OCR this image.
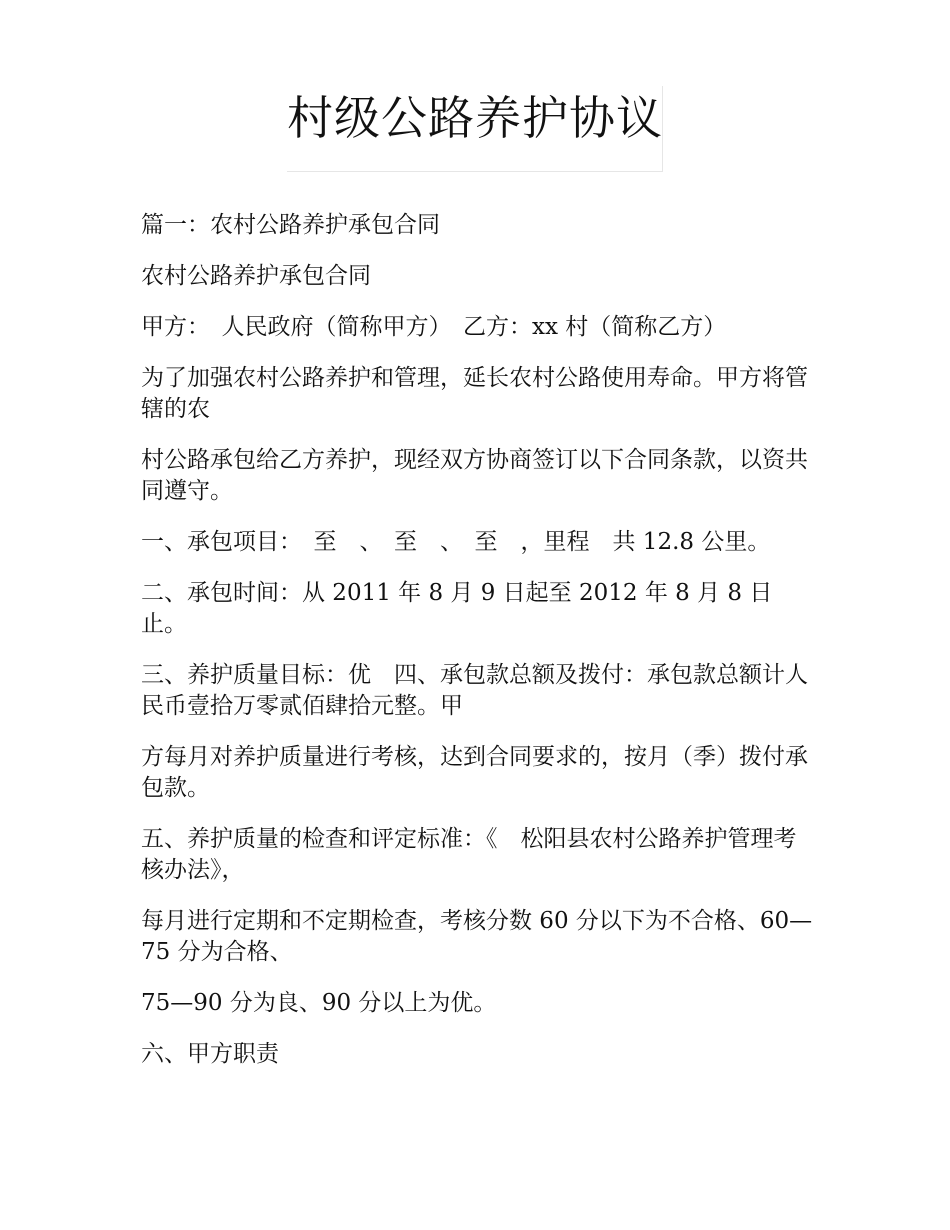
村级公路养护协议

篇一：农村公路养护承包合同

农村公路养护承包合同

甲方：　人民政府（简称甲方）　乙方：xx 村（简称乙方）

为了加强农村公路养护和管理，延长农村公路使用寿命。甲方将管辖的农

村公路承包给乙方养护，现经双方协商签订以下合同条款，以资共同遵守。

一、承包项目：　至　、　至　、　至　，里程　共 12.8 公里。

二、承包时间：从 2011 年 8 月 9 日起至 2012 年 8 月 8 日止。

三、养护质量目标：优　四、承包款总额及拨付：承包款总额计人民币壹拾万零贰佰肆拾元整。甲

方每月对养护质量进行考核，达到合同要求的，按月（季）拨付承包款。

五、养护质量的检查和评定标准：《　松阳县农村公路养护管理考核办法》，

每月进行定期和不定期检查，考核分数 60 分以下为不合格、60—75 分为合格、

75—90 分为良、90 分以上为优。

六、甲方职责
